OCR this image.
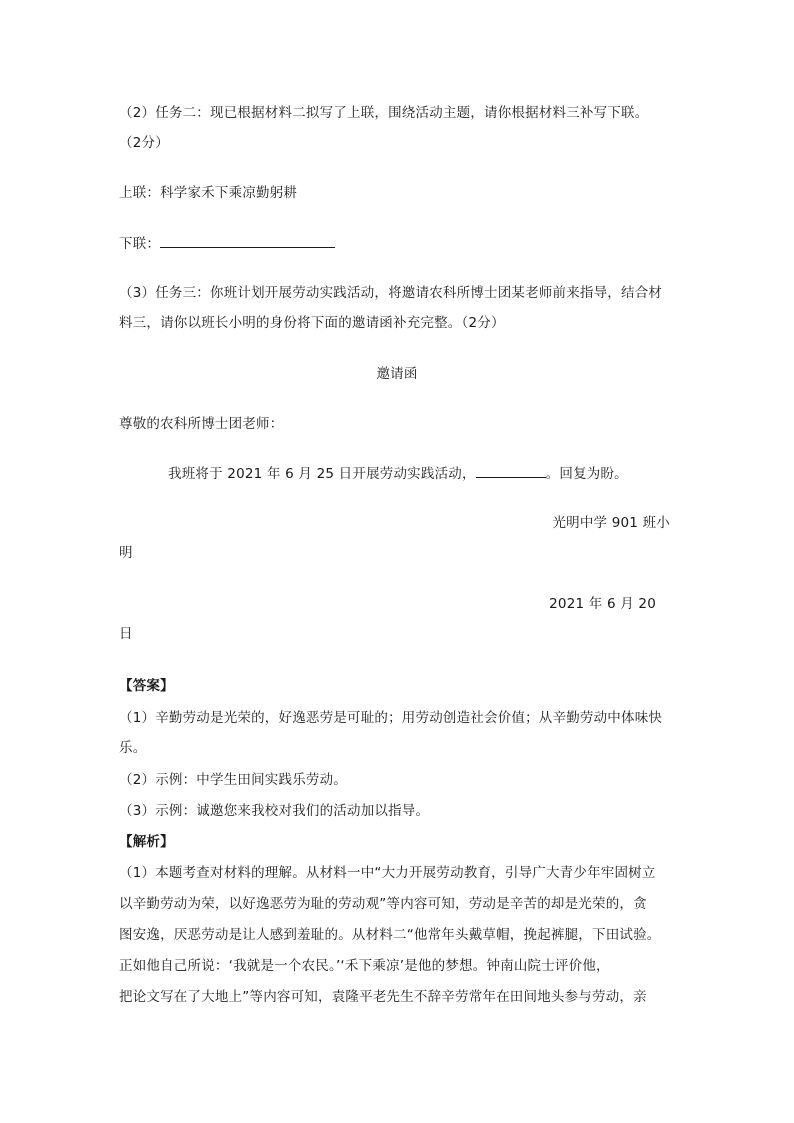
（2）任务二：现已根据材料二拟写了上联，围绕活动主题，请你根据材料三补写下联。
（2分）
上联：科学家禾下乘凉勤躬耕
下联：
（3）任务三：你班计划开展劳动实践活动，将邀请农科所博士团某老师前来指导，结合材
料三，请你以班长小明的身份将下面的邀请函补充完整。（2分）
邀请函
尊敬的农科所博士团老师：
我班将于 2021 年 6 月 25 日开展劳动实践活动，	。回复为盼。
光明中学 901 班小
明
2021 年 6 月 20
日
【答案】
（1）辛勤劳动是光荣的，好逸恶劳是可耻的；用劳动创造社会价值；从辛勤劳动中体味快
乐。
（2）示例：中学生田间实践乐劳动。
（3）示例：诚邀您来我校对我们的活动加以指导。
【解析】
（1）本题考查对材料的理解。从材料一中“大力开展劳动教育，引导广大青少年牢固树立
以辛勤劳动为荣，以好逸恶劳为耻的劳动观”等内容可知，劳动是辛苦的却是光荣的，贪
图安逸，厌恶劳动是让人感到羞耻的。从材料二“他常年头戴草帽，挽起裤腿，下田试验。
正如他自己所说：‘我就是一个农民。’‘禾下乘凉’是他的梦想。钟南山院士评价他，
把论文写在了大地上”等内容可知，袁隆平老先生不辞辛劳常年在田间地头参与劳动，亲
